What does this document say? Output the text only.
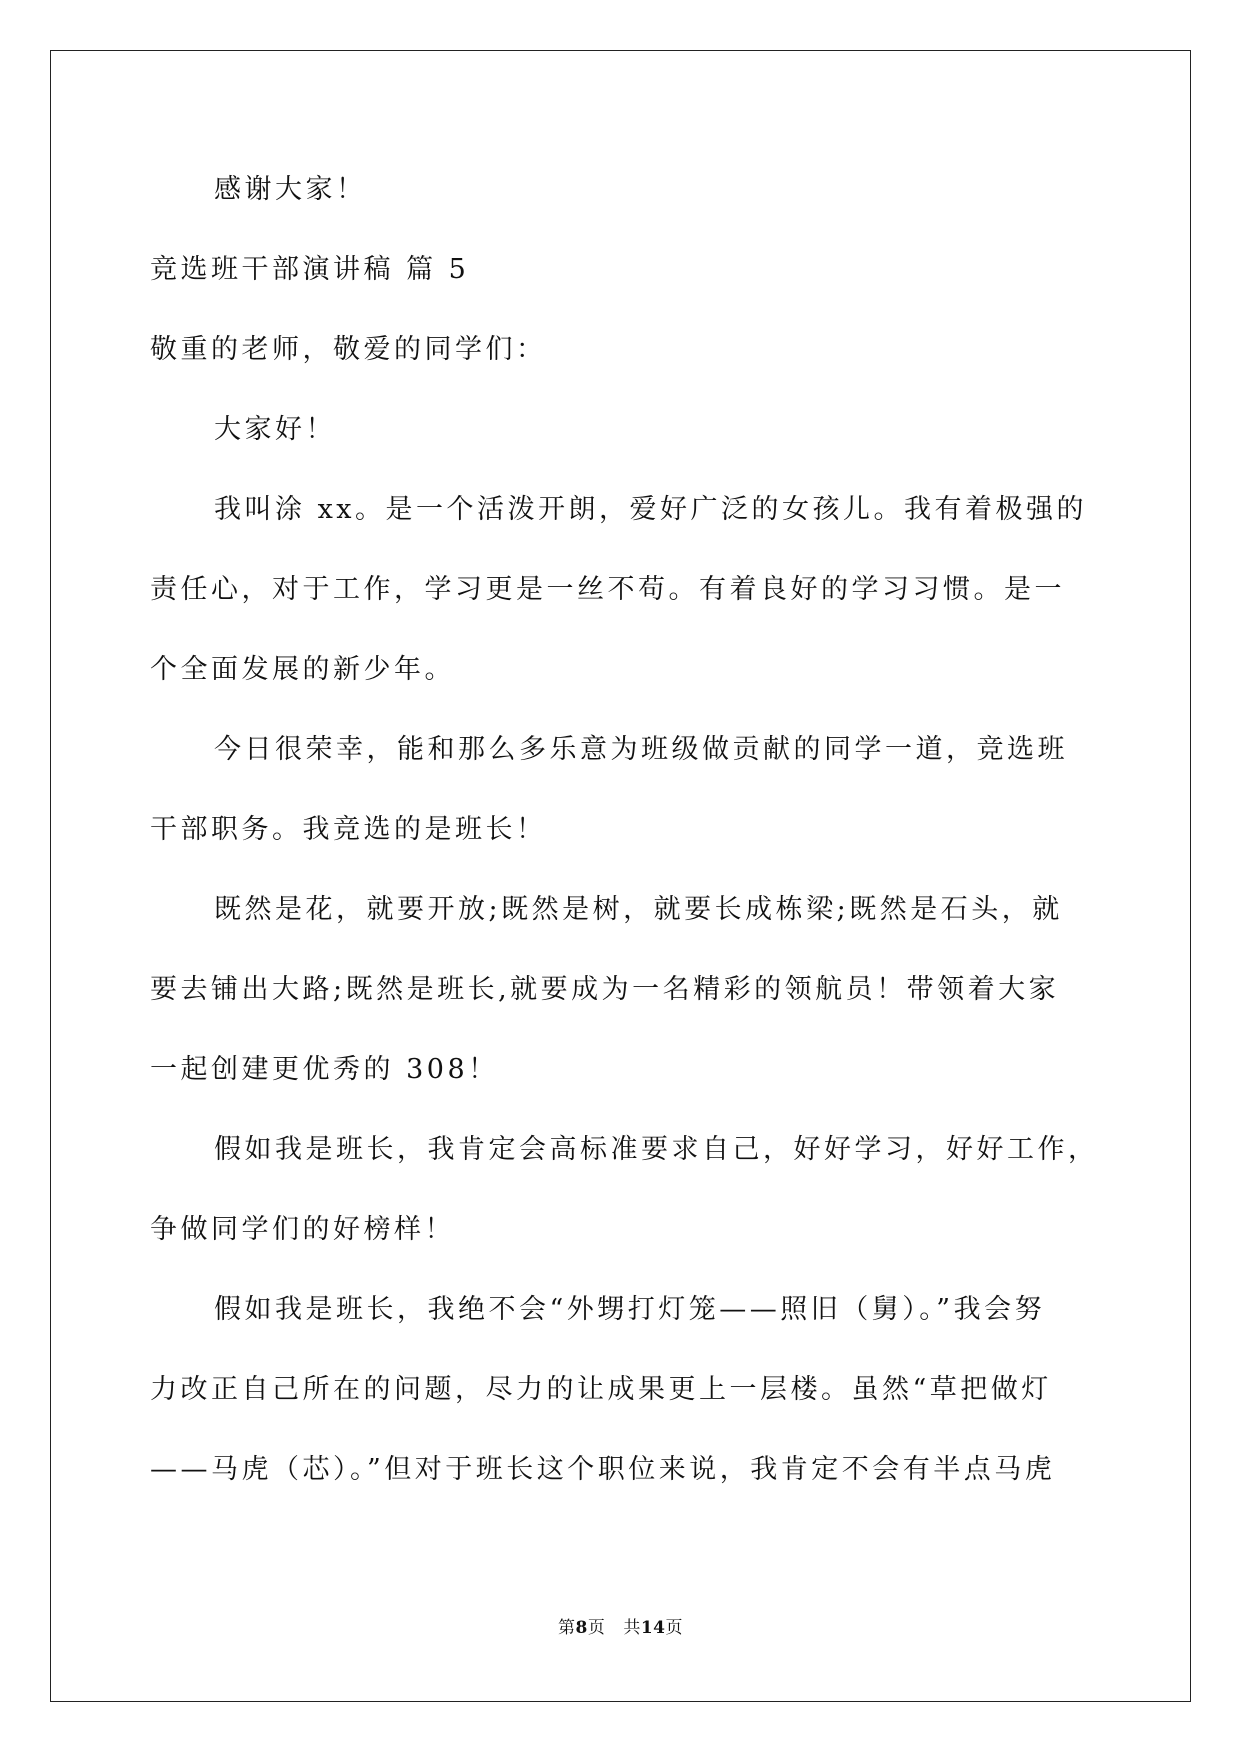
感谢大家！
竞选班干部演讲稿 篇 5
敬重的老师，敬爱的同学们：
大家好！
我叫涂 xx。是一个活泼开朗，爱好广泛的女孩儿。我有着极强的
责任心，对于工作，学习更是一丝不苟。有着良好的学习习惯。是一
个全面发展的新少年。
今日很荣幸，能和那么多乐意为班级做贡献的同学一道，竞选班
干部职务。我竞选的是班长！
既然是花，就要开放;既然是树，就要长成栋梁;既然是石头，就
要去铺出大路;既然是班长,就要成为一名精彩的领航员！带领着大家
一起创建更优秀的 308！
假如我是班长，我肯定会高标准要求自己，好好学习，好好工作，
争做同学们的好榜样！
假如我是班长，我绝不会“外甥打灯笼——照旧（舅）。”我会努
力改正自己所在的问题，尽力的让成果更上一层楼。虽然“草把做灯
——马虎（芯）。”但对于班长这个职位来说，我肯定不会有半点马虎
第8页 共14页
